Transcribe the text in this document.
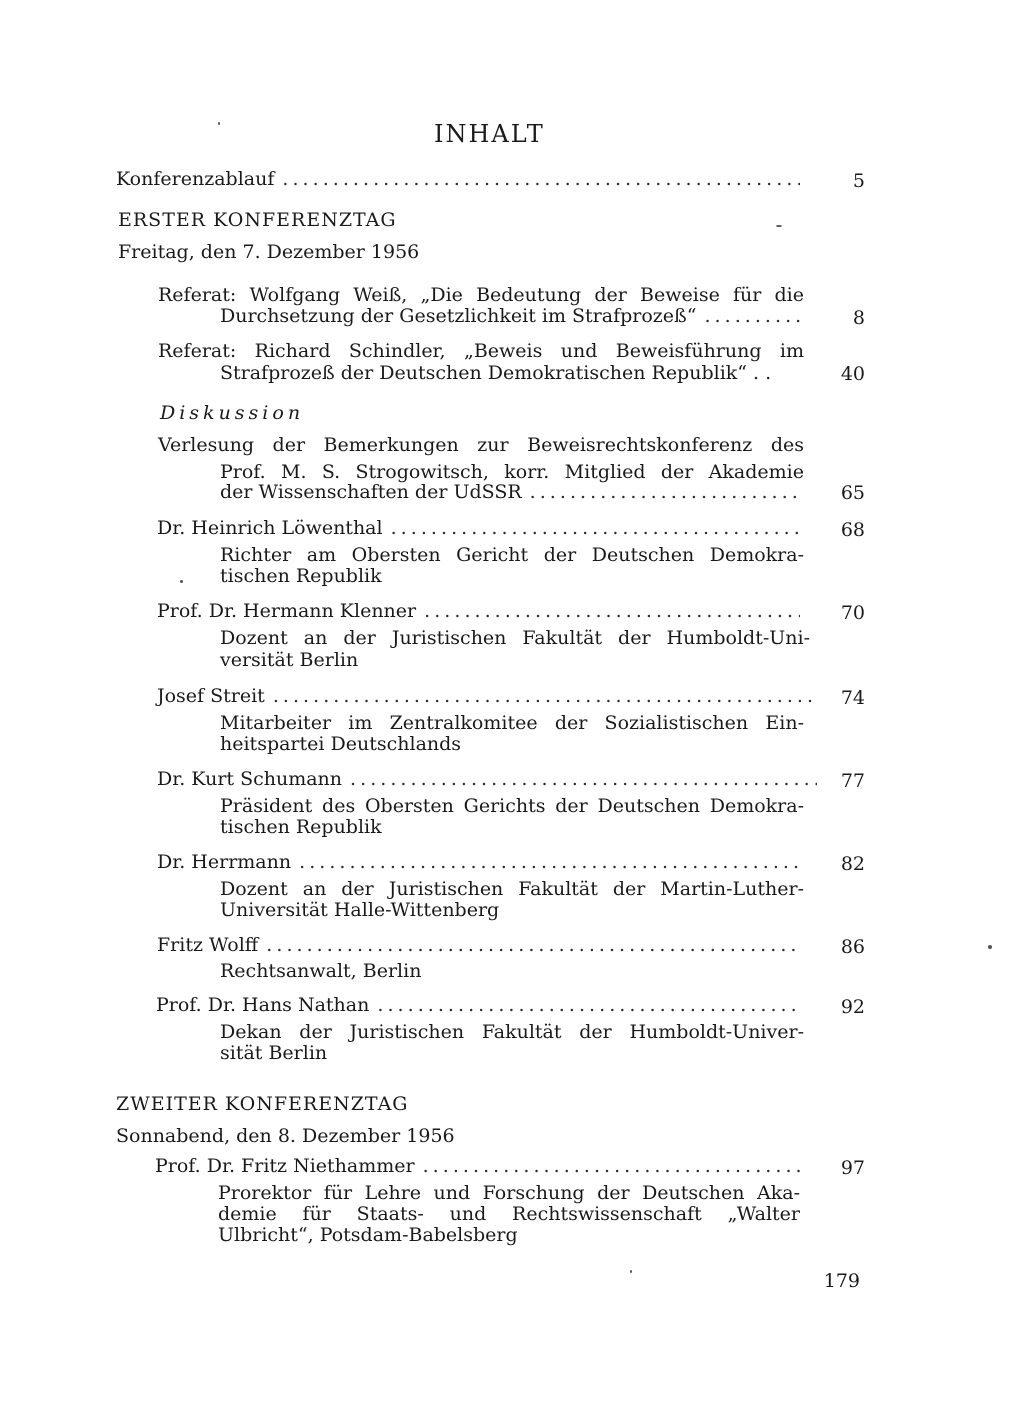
INHALT
Konferenzablauf . . .	5
ERSTER KONFERENZTAG
Freitag, den 7. Dezember 1956
Referat: Wolfgang Weiß, „Die Bedeutung der Beweise für die
Durchsetzung der Gesetzlichkeit im Strafprozeß“ . . .	8
Referat: Richard Schindler, „Beweis und Beweisführung im
Strafprozeß der Deutschen Demokratischen Republik“ . .	40
Diskussion
Verlesung der Bemerkungen zur Beweisrechtskonferenz des
Prof. M. S. Strogowitsch, korr. Mitglied der Akademie
der Wissenschaften der UdSSR . . .	65
Dr. Heinrich Löwenthal . . .	68
Richter am Obersten Gericht der Deutschen Demokra-
tischen Republik
Prof. Dr. Hermann Klenner . . .	70
Dozent an der Juristischen Fakultät der Humboldt-Uni-
versität Berlin
Josef Streit . . .	74
Mitarbeiter im Zentralkomitee der Sozialistischen Ein-
heitspartei Deutschlands
Dr. Kurt Schumann . . .	77
Präsident des Obersten Gerichts der Deutschen Demokra-
tischen Republik
Dr. Herrmann . . .	82
Dozent an der Juristischen Fakultät der Martin-Luther-
Universität Halle-Wittenberg
Fritz Wolff . . .	86
Rechtsanwalt, Berlin
Prof. Dr. Hans Nathan . . .	92
Dekan der Juristischen Fakultät der Humboldt-Univer-
sität Berlin
ZWEITER KONFERENZTAG
Sonnabend, den 8. Dezember 1956
Prof. Dr. Fritz Niethammer . . .	97
Prorektor für Lehre und Forschung der Deutschen Aka-
demie für Staats- und Rechtswissenschaft „Walter
Ulbricht“, Potsdam-Babelsberg
179
